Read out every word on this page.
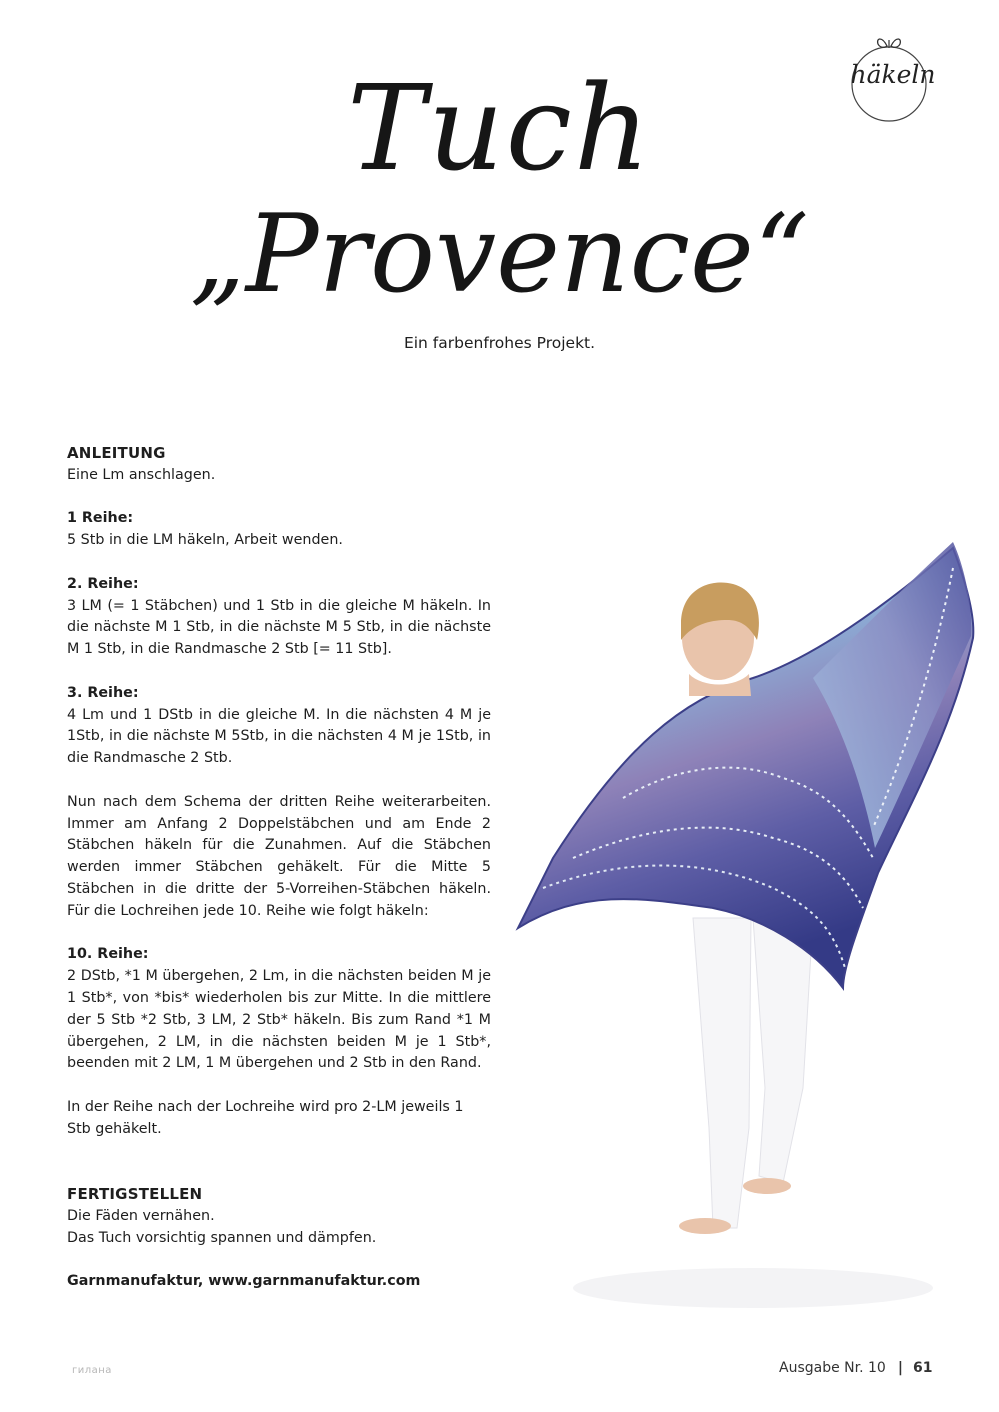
häkeln
Tuch
„Provence“
Ein farbenfrohes Projekt.

ANLEITUNG

Eine Lm anschlagen.

1 Reihe:

5 Stb in die LM häkeln, Arbeit wenden.

2. Reihe:

3 LM (= 1 Stäbchen) und 1 Stb in die gleiche M häkeln. In die nächste M 1 Stb, in die nächste M 5 Stb, in die nächste M 1 Stb, in die Randmasche 2 Stb [= 11 Stb].

3. Reihe:

4 Lm und 1 DStb in die gleiche M. In die nächsten 4 M je 1Stb, in die nächste M 5Stb, in die nächsten 4 M je 1Stb, in die Randmasche 2 Stb.

Nun nach dem Schema der dritten Reihe weiterarbeiten. Immer am Anfang 2 Doppelstäbchen und am Ende 2 Stäbchen häkeln für die Zunahmen. Auf die Stäbchen werden immer Stäbchen gehäkelt. Für die Mitte 5 Stäbchen in die dritte der 5-Vorreihen-Stäbchen häkeln. Für die Lochreihen jede 10. Reihe wie folgt häkeln:

10. Reihe:

2 DStb, *1 M übergehen, 2 Lm, in die nächsten beiden M je 1 Stb*, von *bis* wiederholen bis zur Mitte. In die mittlere der 5 Stb *2 Stb, 3 LM, 2 Stb* häkeln. Bis zum Rand *1 M übergehen, 2 LM, in die nächsten beiden M je 1 Stb*, beenden mit 2 LM, 1 M übergehen und 2 Stb in den Rand.

In der Reihe nach der Lochreihe wird pro 2-LM jeweils 1 Stb gehäkelt.

FERTIGSTELLEN

Die Fäden vernähen.

Das Tuch vorsichtig spannen und dämpfen.

Garnmanufaktur, www.garnmanufaktur.com

гилана	Ausgabe Nr. 10 | 61
